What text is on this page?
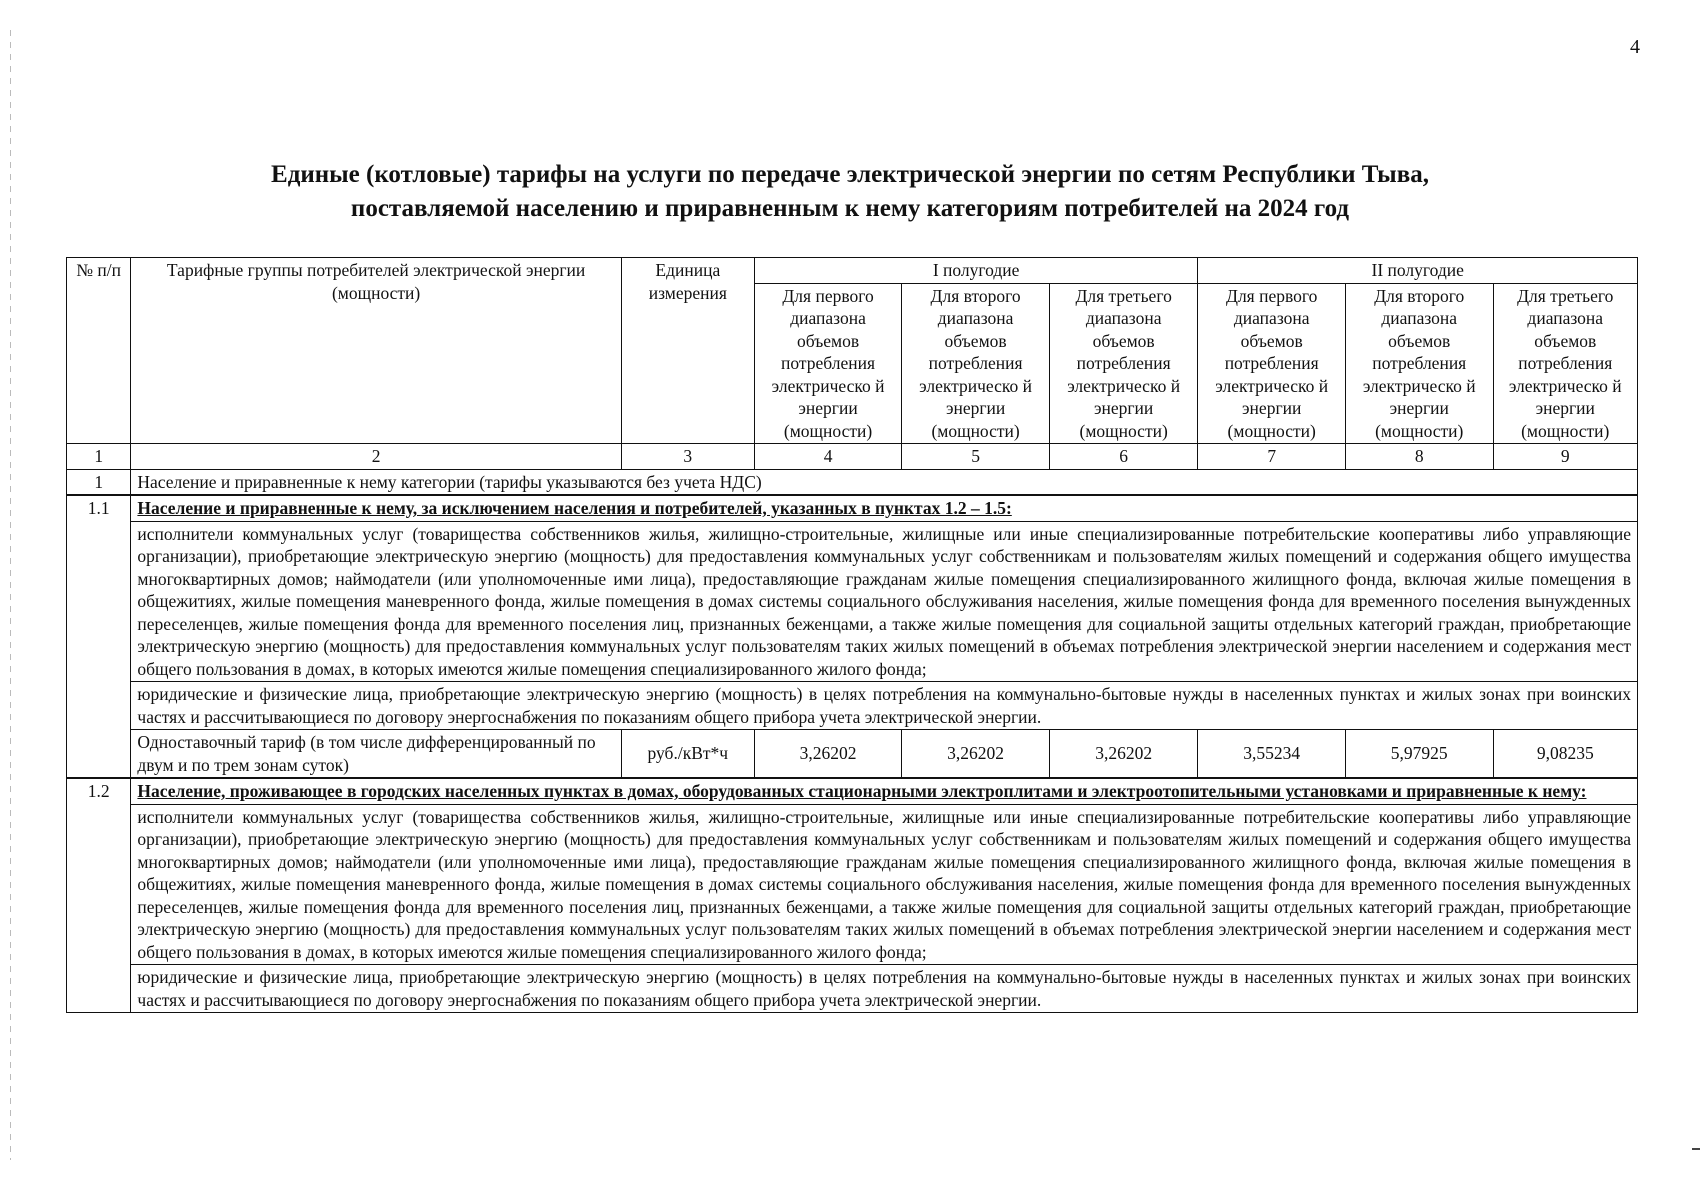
4
Единые (котловые) тарифы на услуги по передаче электрической энергии по сетям Республики Тыва,
поставляемой населению и приравненным к нему категориям потребителей на 2024 год
№ п/п	Тарифные группы потребителей электрической энергии (мощности)	Единица измерения	I полугодие			II полугодие		
			Для первого диапазона объемов потребления электрическо й энергии (мощности)	Для второго диапазона объемов потребления электрическо й энергии (мощности)	Для третьего диапазона объемов потребления электрическо й энергии (мощности)	Для первого диапазона объемов потребления электрическо й энергии (мощности)	Для второго диапазона объемов потребления электрическо й энергии (мощности)	Для третьего диапазона объемов потребления электрическо й энергии (мощности)
1	2	3	4	5	6	7	8	9
1	Население и приравненные к нему категории (тарифы указываются без учета НДС)							
1.1	Население и приравненные к нему, за исключением населения и потребителей, указанных в пунктах 1.2 – 1.5:							
	исполнители коммунальных услуг (товарищества собственников жилья, жилищно-строительные, жилищные или иные специализированные потребительские кооперативы либо управляющие организации), приобретающие электрическую энергию (мощность) для предоставления коммунальных услуг собственникам и пользователям жилых помещений и содержания общего имущества многоквартирных домов; наймодатели (или уполномоченные ими лица), предоставляющие гражданам жилые помещения специализированного жилищного фонда, включая жилые помещения в общежитиях, жилые помещения маневренного фонда, жилые помещения в домах системы социального обслуживания населения, жилые помещения фонда для временного поселения вынужденных переселенцев, жилые помещения фонда для временного поселения лиц, признанных беженцами, а также жилые помещения для социальной защиты отдельных категорий граждан, приобретающие электрическую энергию (мощность) для предоставления коммунальных услуг пользователям таких жилых помещений в объемах потребления электрической энергии населением и содержания мест общего пользования в домах, в которых имеются жилые помещения специализированного жилого фонда;							
	юридические и физические лица, приобретающие электрическую энергию (мощность) в целях потребления на коммунально-бытовые нужды в населенных пунктах и жилых зонах при воинских частях и рассчитывающиеся по договору энергоснабжения по показаниям общего прибора учета электрической энергии.							
	Одноставочный тариф (в том числе дифференцированный по двум и по трем зонам суток)	руб./кВт*ч	3,26202	3,26202	3,26202	3,55234	5,97925	9,08235
1.2	Население, проживающее в городских населенных пунктах в домах, оборудованных стационарными электроплитами и электроотопительными установками и приравненные к нему:							
	исполнители коммунальных услуг (товарищества собственников жилья, жилищно-строительные, жилищные или иные специализированные потребительские кооперативы либо управляющие организации), приобретающие электрическую энергию (мощность) для предоставления коммунальных услуг собственникам и пользователям жилых помещений и содержания общего имущества многоквартирных домов; наймодатели (или уполномоченные ими лица), предоставляющие гражданам жилые помещения специализированного жилищного фонда, включая жилые помещения в общежитиях, жилые помещения маневренного фонда, жилые помещения в домах системы социального обслуживания населения, жилые помещения фонда для временного поселения вынужденных переселенцев, жилые помещения фонда для временного поселения лиц, признанных беженцами, а также жилые помещения для социальной защиты отдельных категорий граждан, приобретающие электрическую энергию (мощность) для предоставления коммунальных услуг пользователям таких жилых помещений в объемах потребления электрической энергии населением и содержания мест общего пользования в домах, в которых имеются жилые помещения специализированного жилого фонда;							
	юридические и физические лица, приобретающие электрическую энергию (мощность) в целях потребления на коммунально-бытовые нужды в населенных пунктах и жилых зонах при воинских частях и рассчитывающиеся по договору энергоснабжения по показаниям общего прибора учета электрической энергии.							
